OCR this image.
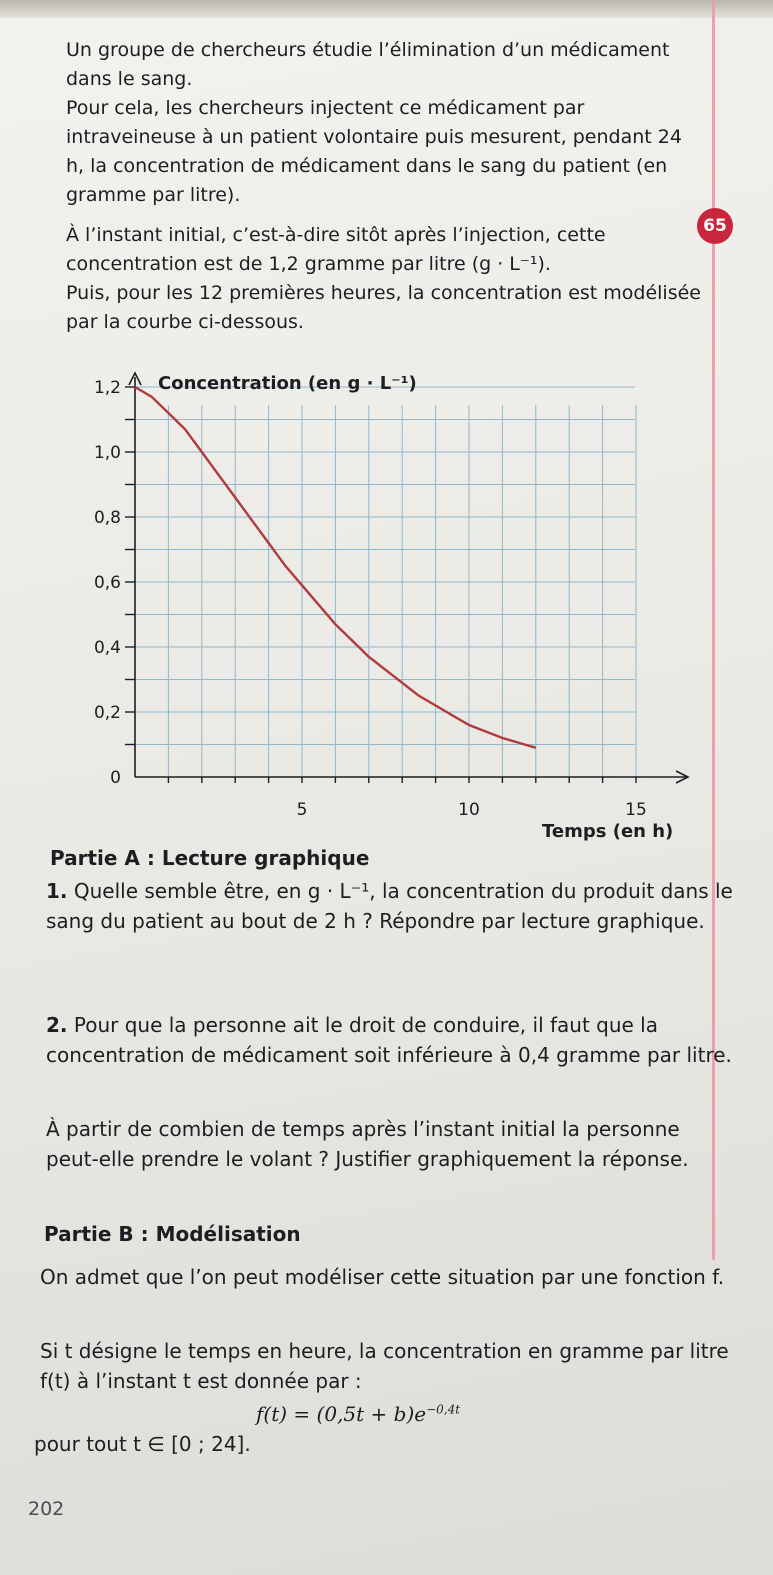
65

Un groupe de chercheurs étudie l’élimination d’un médicament dans le sang.

Pour cela, les chercheurs injectent ce médicament par intraveineuse à un patient volontaire puis mesurent, pendant 24 h, la concentration de médicament dans le sang du patient (en gramme par litre).

À l’instant initial, c’est-à-dire sitôt après l’injection, cette concentration est de 1,2 gramme par litre (g · L⁻¹).

Puis, pour les 12 premières heures, la concentration est modélisée par la courbe ci-dessous.

1,2
1,0
0,8
0,6
0,4
0,2
0
5	10	15
Concentration (en g · L⁻¹)
Temps (en h)

Partie A : Lecture graphique

1. Quelle semble être, en g · L⁻¹, la concentration du produit dans le sang du patient au bout de 2 h ? Répondre par lecture graphique.

2. Pour que la personne ait le droit de conduire, il faut que la concentration de médicament soit inférieure à 0,4 gramme par litre.

À partir de combien de temps après l’instant initial la personne peut-elle prendre le volant ? Justifier graphiquement la réponse.

Partie B : Modélisation

On admet que l’on peut modéliser cette situation par une fonction f.

Si t désigne le temps en heure, la concentration en gramme par litre f(t) à l’instant t est donnée par :

$f(t) = (0,5t + b)e^{-0,4t}$
pour tout t ∈ [0 ; 24].
202
